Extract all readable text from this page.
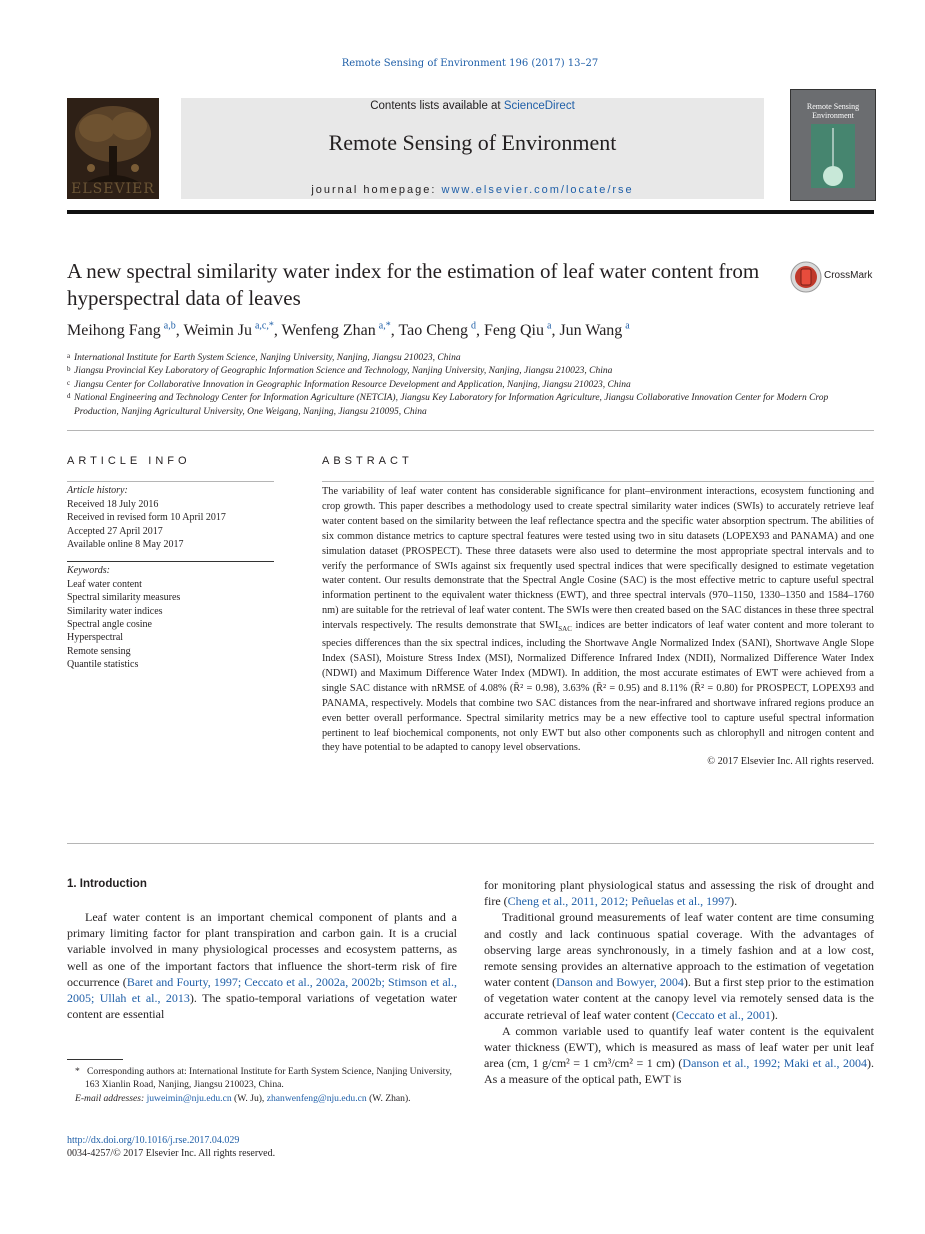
Remote Sensing of Environment 196 (2017) 13–27
ELSEVIER
Contents lists available at ScienceDirect
Remote Sensing of Environment
journal homepage: www.elsevier.com/locate/rse
Remote Sensing Environment
A new spectral similarity water index for the estimation of leaf water content from hyperspectral data of leaves
CrossMark
Meihong Fang $^{a,b}$, Weimin Ju $^{a,c,*}$, Wenfeng Zhan $^{a,*}$, Tao Cheng $^d$, Feng Qiu $^a$, Jun Wang $^a$
a International Institute for Earth System Science, Nanjing University, Nanjing, Jiangsu 210023, China
b Jiangsu Provincial Key Laboratory of Geographic Information Science and Technology, Nanjing University, Nanjing, Jiangsu 210023, China
c Jiangsu Center for Collaborative Innovation in Geographic Information Resource Development and Application, Nanjing, Jiangsu 210023, China
d National Engineering and Technology Center for Information Agriculture (NETCIA), Jiangsu Key Laboratory for Information Agriculture, Jiangsu Collaborative Innovation Center for Modern Crop Production, Nanjing Agricultural University, One Weigang, Nanjing, Jiangsu 210095, China
ARTICLE INFO
Article history:
Received 18 July 2016
Received in revised form 10 April 2017
Accepted 27 April 2017
Available online 8 May 2017
Keywords:
Leaf water content
Spectral similarity measures
Similarity water indices
Spectral angle cosine
Hyperspectral
Remote sensing
Quantile statistics
ABSTRACT
The variability of leaf water content has considerable significance for plant–environment interactions, ecosystem functioning and crop growth. This paper describes a methodology used to create spectral similarity water indices (SWIs) to accurately retrieve leaf water content based on the similarity between the leaf reflectance spectra and the specific water absorption spectrum. The abilities of six common distance metrics to capture spectral features were tested using two in situ datasets (LOPEX93 and PANAMA) and one simulation dataset (PROSPECT). These three datasets were also used to determine the most appropriate spectral intervals and to verify the performance of SWIs against six frequently used spectral indices that were specifically designed to estimate vegetation water content. Our results demonstrate that the Spectral Angle Cosine (SAC) is the most effective metric to capture useful spectral information pertinent to the equivalent water thickness (EWT), and three spectral intervals (970–1150, 1330–1350 and 1584–1760 nm) are suitable for the retrieval of leaf water content. The SWIs were then created based on the SAC distances in these three spectral intervals respectively. The results demonstrate that $SWI_{SAC}$ indices are better indicators of leaf water content and more tolerant to species differences than the six spectral indices, including the Shortwave Angle Normalized Index (SANI), Shortwave Angle Slope Index (SASI), Moisture Stress Index (MSI), Normalized Difference Infrared Index (NDII), Normalized Difference Water Index (NDWI) and Maximum Difference Water Index (MDWI). In addition, the most accurate estimates of EWT were achieved from a single SAC distance with nRMSE of 4.08% (R̄² = 0.98), 3.63% (R̄² = 0.95) and 8.11% (R̄² = 0.80) for PROSPECT, LOPEX93 and PANAMA, respectively. Models that combine two SAC distances from the near-infrared and shortwave infrared regions produce an even better overall performance. Spectral similarity metrics may be a new effective tool to capture useful spectral information pertinent to leaf biochemical components, not only EWT but also other components such as chlorophyll and nitrogen content and they have potential to be adapted to canopy level observations.
© 2017 Elsevier Inc. All rights reserved.
1. Introduction

Leaf water content is an important chemical component of plants and a primary limiting factor for plant transpiration and carbon gain. It is a crucial variable involved in many physiological processes and ecosystem patterns, as well as one of the important factors that influence the short-term risk of fire occurrence (Baret and Fourty, 1997; Ceccato et al., 2002a, 2002b; Stimson et al., 2005; Ullah et al., 2013). The spatio-temporal variations of vegetation water content are essential

for monitoring plant physiological status and assessing the risk of drought and fire (Cheng et al., 2011, 2012; Peñuelas et al., 1997).

Traditional ground measurements of leaf water content are time consuming and costly and lack continuous spatial coverage. With the advantages of observing large areas synchronously, in a timely fashion and at a low cost, remote sensing provides an alternative approach to the estimation of vegetation water content (Danson and Bowyer, 2004). But a first step prior to the estimation of vegetation water content at the canopy level via remotely sensed data is the accurate retrieval of leaf water content (Ceccato et al., 2001).

A common variable used to quantify leaf water content is the equivalent water thickness (EWT), which is measured as mass of leaf water per unit leaf area (cm, 1 g/cm² = 1 cm³/cm² = 1 cm) (Danson et al., 1992; Maki et al., 2004). As a measure of the optical path, EWT is

*   Corresponding authors at: International Institute for Earth System Science, Nanjing University, 163 Xianlin Road, Nanjing, Jiangsu 210023, China.
E-mail addresses: juweimin@nju.edu.cn (W. Ju), zhanwenfeng@nju.edu.cn (W. Zhan).
http://dx.doi.org/10.1016/j.rse.2017.04.029
0034-4257/© 2017 Elsevier Inc. All rights reserved.
